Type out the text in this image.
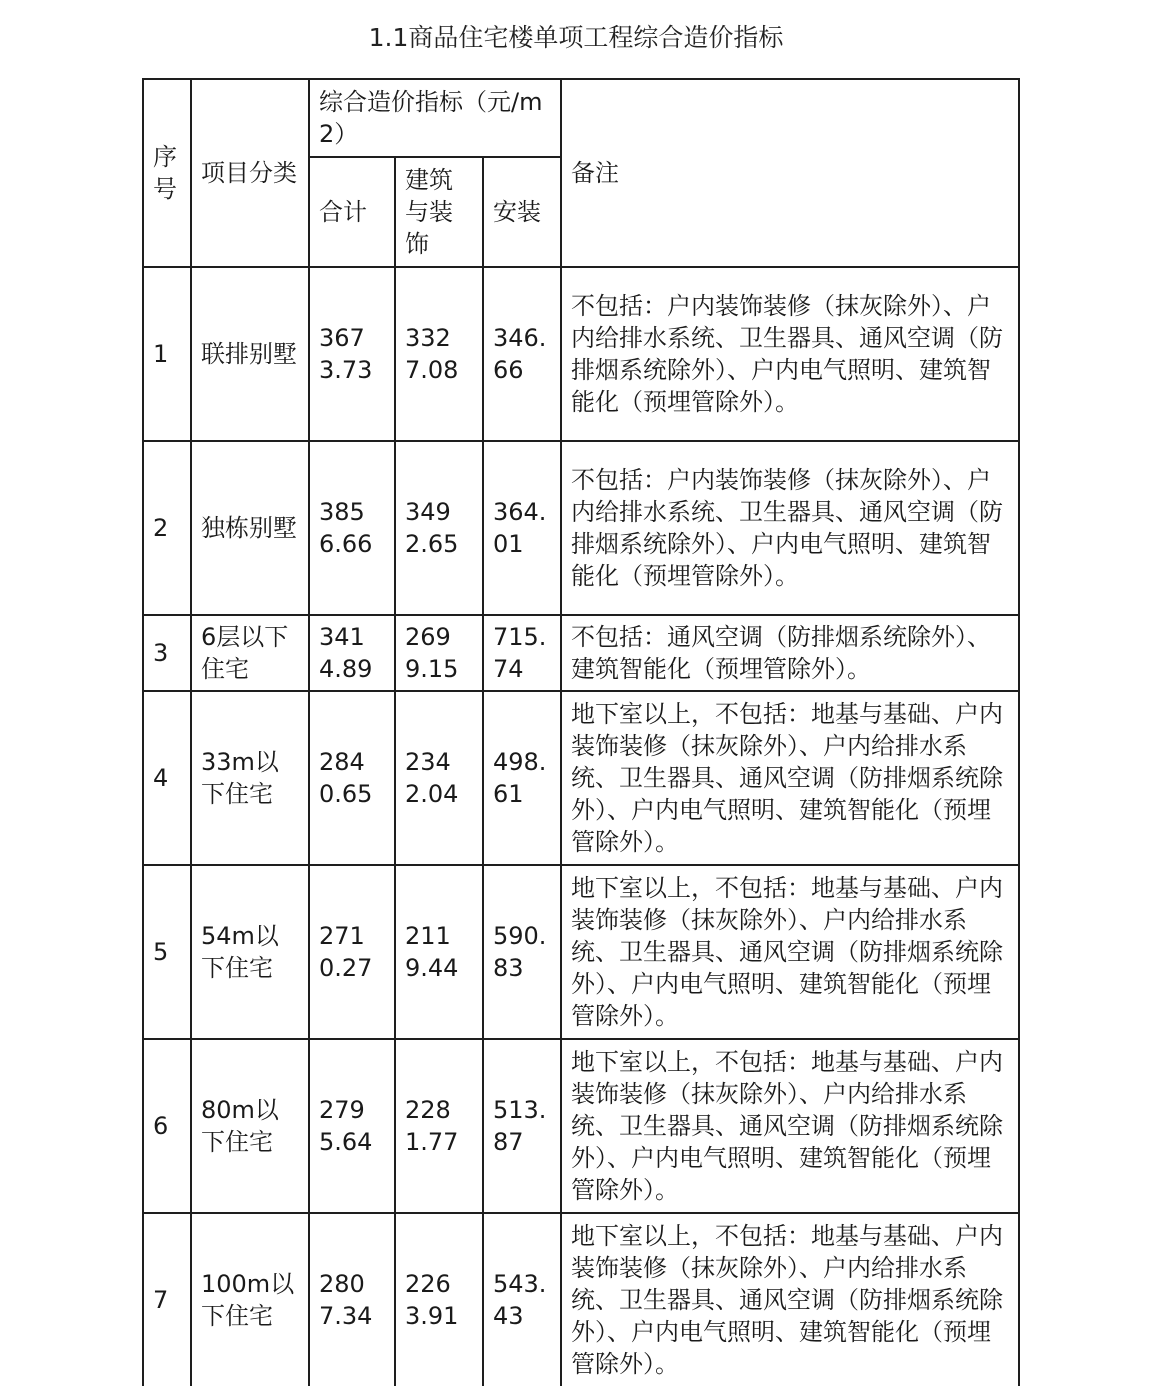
1.1商品住宅楼单项工程综合造价指标
序号	项目分类	综合造价指标（元/m2）			备注
		合计	建筑与装饰	安装	
1	联排别墅	3673.73	3327.08	346.66	不包括：户内装饰装修（抹灰除外）、户内给排水系统、卫生器具、通风空调（防排烟系统除外）、户内电气照明、建筑智能化（预埋管除外）。
2	独栋别墅	3856.66	3492.65	364.01	不包括：户内装饰装修（抹灰除外）、户内给排水系统、卫生器具、通风空调（防排烟系统除外）、户内电气照明、建筑智能化（预埋管除外）。
3	6层以下住宅	3414.89	2699.15	715.74	不包括：通风空调（防排烟系统除外）、建筑智能化（预埋管除外）。
4	33m以下住宅	2840.65	2342.04	498.61	地下室以上，不包括：地基与基础、户内装饰装修（抹灰除外）、户内给排水系统、卫生器具、通风空调（防排烟系统除外）、户内电气照明、建筑智能化（预埋管除外）。
5	54m以下住宅	2710.27	2119.44	590.83	地下室以上，不包括：地基与基础、户内装饰装修（抹灰除外）、户内给排水系统、卫生器具、通风空调（防排烟系统除外）、户内电气照明、建筑智能化（预埋管除外）。
6	80m以下住宅	2795.64	2281.77	513.87	地下室以上，不包括：地基与基础、户内装饰装修（抹灰除外）、户内给排水系统、卫生器具、通风空调（防排烟系统除外）、户内电气照明、建筑智能化（预埋管除外）。
7	100m以下住宅	2807.34	2263.91	543.43	地下室以上，不包括：地基与基础、户内装饰装修（抹灰除外）、户内给排水系统、卫生器具、通风空调（防排烟系统除外）、户内电气照明、建筑智能化（预埋管除外）。
